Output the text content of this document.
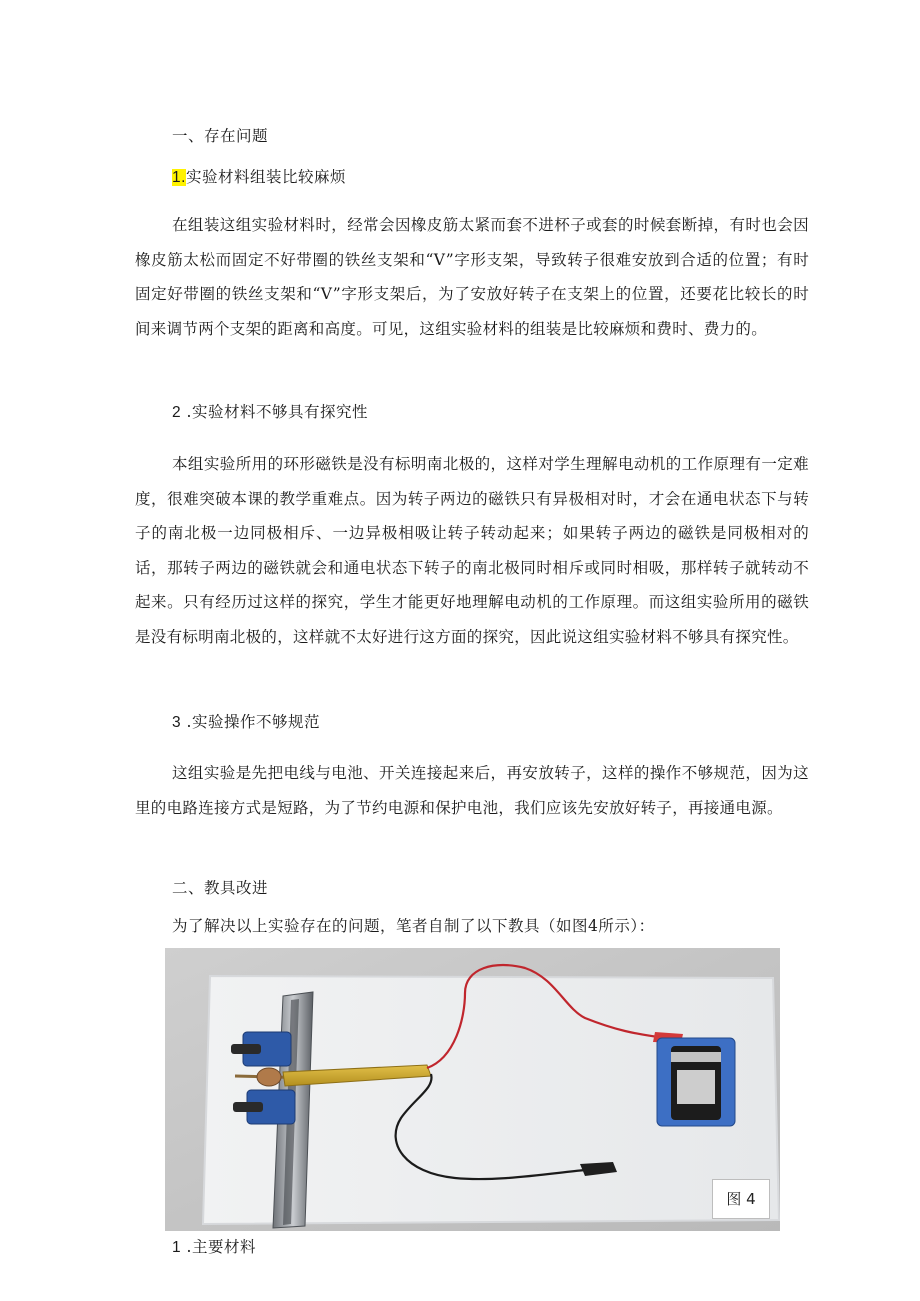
一、存在问题
1.实验材料组装比较麻烦
在组装这组实验材料时，经常会因橡皮筋太紧而套不进杯子或套的时候套断掉，有时也会因橡皮筋太松而固定不好带圈的铁丝支架和“V”字形支架，导致转子很难安放到合适的位置；有时固定好带圈的铁丝支架和“V”字形支架后，为了安放好转子在支架上的位置，还要花比较长的时间来调节两个支架的距离和高度。可见，这组实验材料的组装是比较麻烦和费时、费力的。
2 .实验材料不够具有探究性
本组实验所用的环形磁铁是没有标明南北极的，这样对学生理解电动机的工作原理有一定难度，很难突破本课的教学重难点。因为转子两边的磁铁只有异极相对时，才会在通电状态下与转子的南北极一边同极相斥、一边异极相吸让转子转动起来；如果转子两边的磁铁是同极相对的话，那转子两边的磁铁就会和通电状态下转子的南北极同时相斥或同时相吸，那样转子就转动不起来。只有经历过这样的探究，学生才能更好地理解电动机的工作原理。而这组实验所用的磁铁是没有标明南北极的，这样就不太好进行这方面的探究，因此说这组实验材料不够具有探究性。
3 .实验操作不够规范
这组实验是先把电线与电池、开关连接起来后，再安放转子，这样的操作不够规范，因为这里的电路连接方式是短路，为了节约电源和保护电池，我们应该先安放好转子，再接通电源。
二、教具改进
为了解决以上实验存在的问题，笔者自制了以下教具（如图4所示）：
图 4
1 .主要材料
